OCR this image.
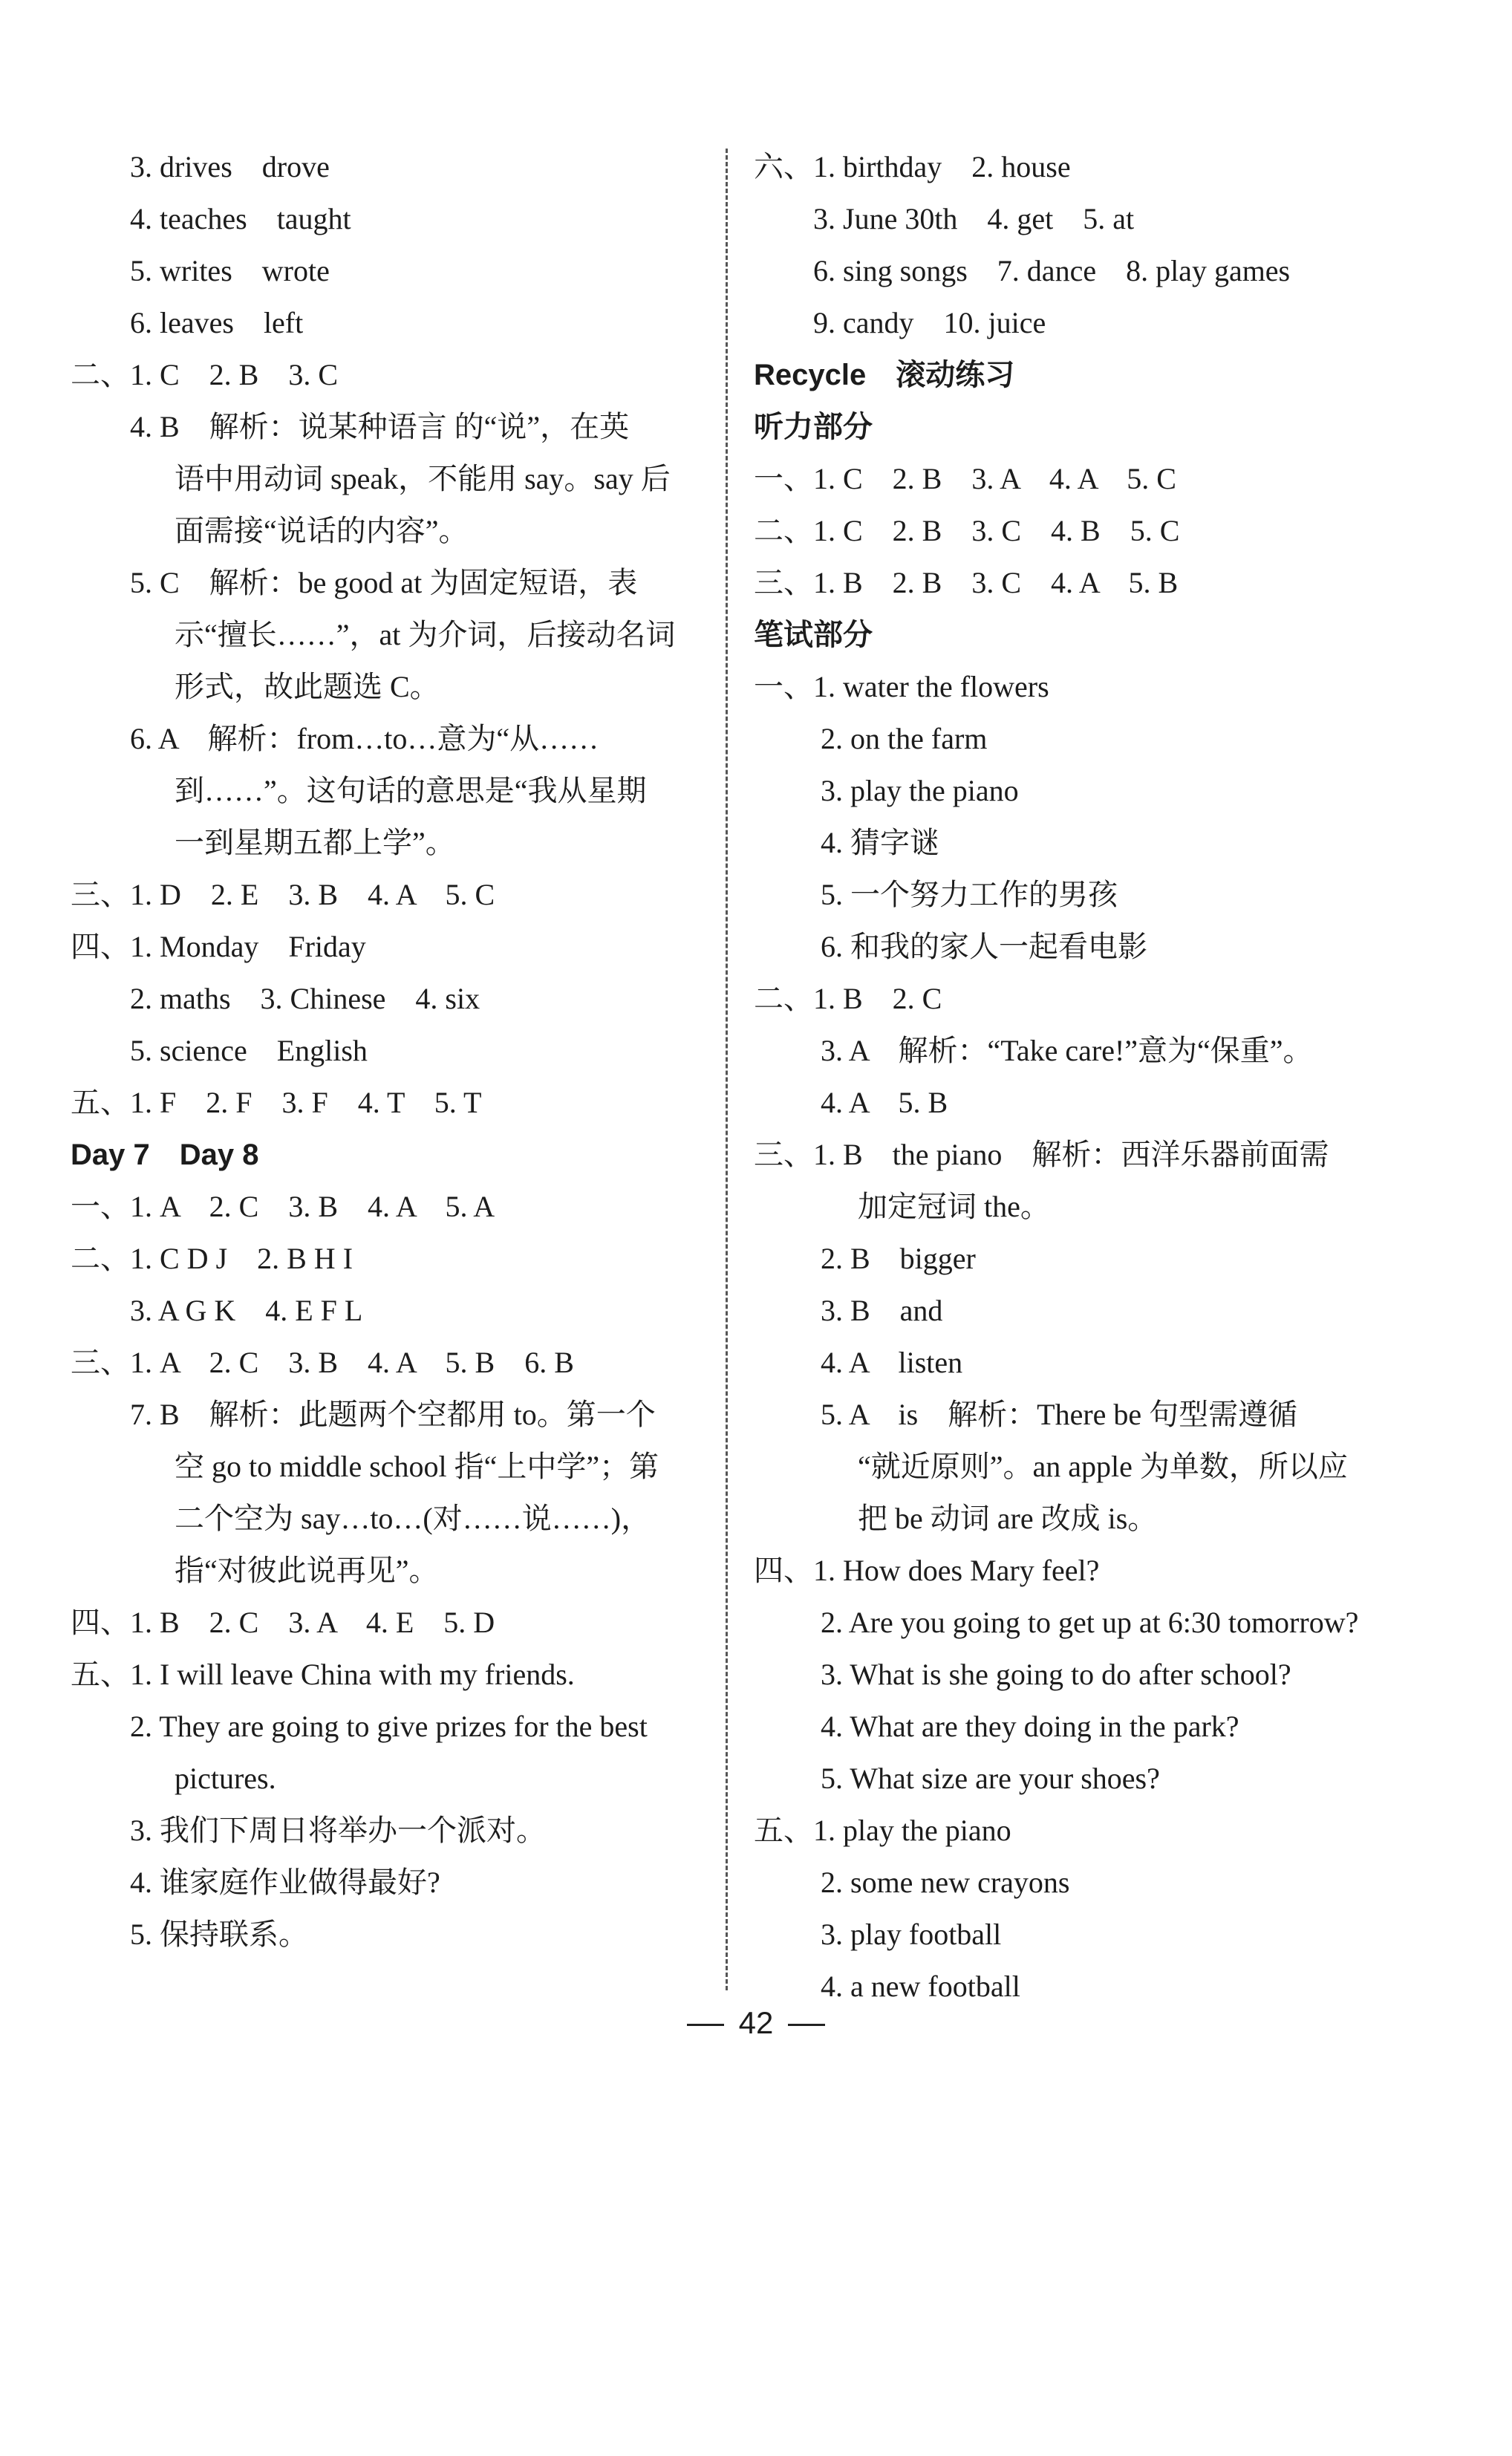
3. drives　drove
4. teaches　taught
5. writes　wrote
6. leaves　left
二、1. C　2. B　3. C
4. B　解析：说某种语言 的“说”，在英
语中用动词 speak，不能用 say。say 后
面需接“说话的内容”。
5. C　解析：be good at 为固定短语，表
示“擅长……”，at 为介词，后接动名词
形式，故此题选 C。
6. A　解析：from…to…意为“从……
到……”。这句话的意思是“我从星期
一到星期五都上学”。
三、1. D　2. E　3. B　4. A　5. C
四、1. Monday　Friday
2. maths　3. Chinese　4. six
5. science　English
五、1. F　2. F　3. F　4. T　5. T
Day 7　Day 8
一、1. A　2. C　3. B　4. A　5. A
二、1. C D J　2. B H I
3. A G K　4. E F L
三、1. A　2. C　3. B　4. A　5. B　6. B
7. B　解析：此题两个空都用 to。第一个
空 go to middle school 指“上中学”；第
二个空为 say…to…(对……说……)，
指“对彼此说再见”。
四、1. B　2. C　3. A　4. E　5. D
五、1. I will leave China with my friends.
2. They are going to give prizes for the best
pictures.
3. 我们下周日将举办一个派对。
4. 谁家庭作业做得最好?
5. 保持联系。
六、1. birthday　2. house
3. June 30th　4. get　5. at
6. sing songs　7. dance　8. play games
9. candy　10. juice
Recycle　滚动练习
听力部分
一、1. C　2. B　3. A　4. A　5. C
二、1. C　2. B　3. C　4. B　5. C
三、1. B　2. B　3. C　4. A　5. B
笔试部分
一、1. water the flowers
2. on the farm
3. play the piano
4. 猜字谜
5. 一个努力工作的男孩
6. 和我的家人一起看电影
二、1. B　2. C
3. A　解析：“Take care!”意为“保重”。
4. A　5. B
三、1. B　the piano　解析：西洋乐器前面需
加定冠词 the。
2. B　bigger
3. B　and
4. A　listen
5. A　is　解析：There be 句型需遵循
“就近原则”。an apple 为单数，所以应
把 be 动词 are 改成 is。
四、1. How does Mary feel?
2. Are you going to get up at 6:30 tomorrow?
3. What is she going to do after school?
4. What are they doing in the park?
5. What size are your shoes?
五、1. play the piano
2. some new crayons
3. play football
4. a new football
42
